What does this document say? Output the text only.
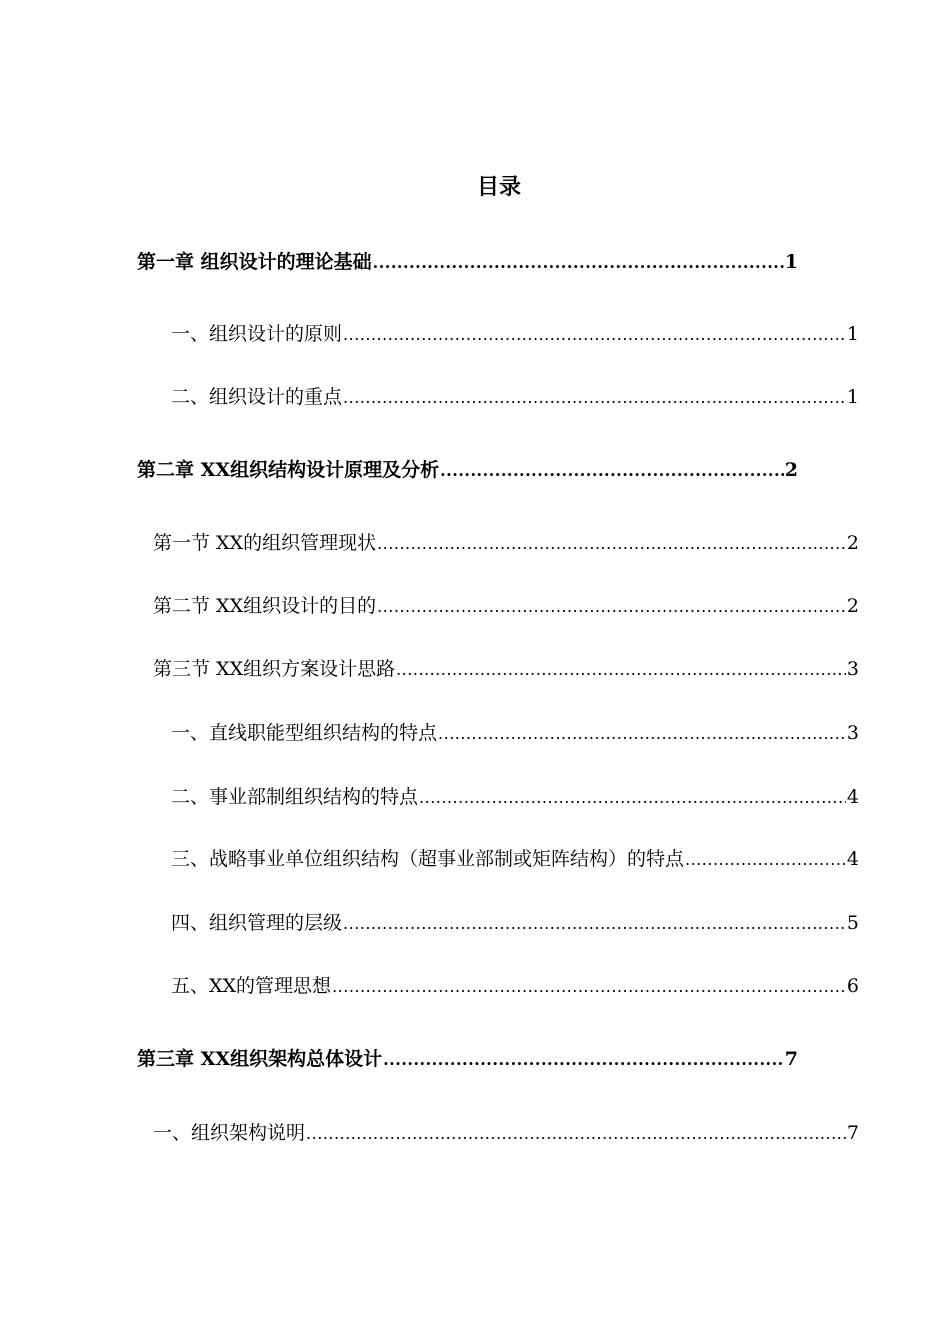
目录
第一章 组织设计的理论基础 .....	1
一、组织设计的原则 .....	1
二、组织设计的重点 .....	1
第二章 XX组织结构设计原理及分析 .....	2
第一节 XX的组织管理现状 .....	2
第二节 XX组织设计的目的 .....	2
第三节 XX组织方案设计思路 .....	3
一、直线职能型组织结构的特点 .....	3
二、事业部制组织结构的特点 .....	4
三、战略事业单位组织结构（超事业部制或矩阵结构）的特点 .....	4
四、组织管理的层级 .....	5
五、XX的管理思想 .....	6
第三章 XX组织架构总体设计 .....	7
一、组织架构说明 .....	7
